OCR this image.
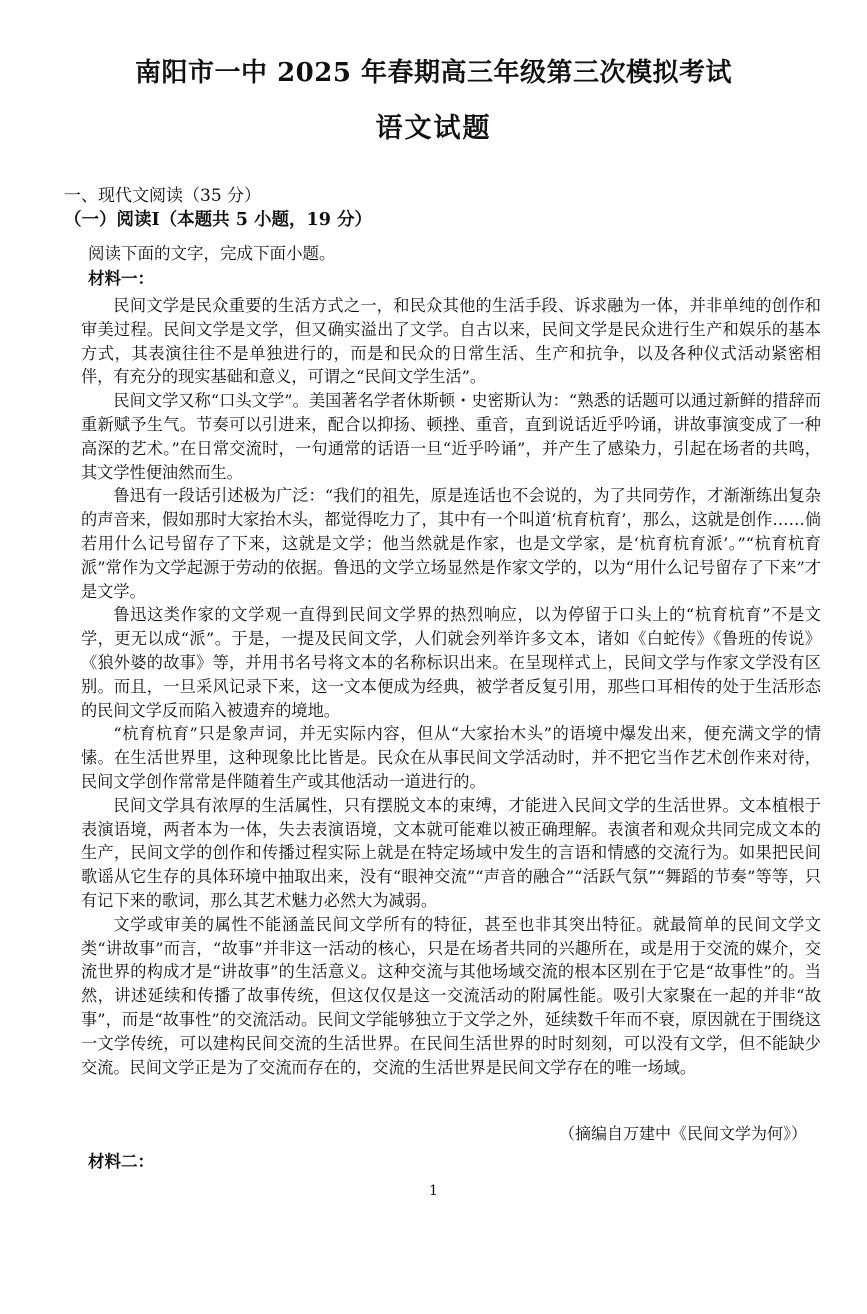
南阳市一中 2025 年春期高三年级第三次模拟考试
语文试题
一、现代文阅读（35 分）
（一）阅读Ⅰ（本题共 5 小题，19 分）
阅读下面的文字，完成下面小题。
材料一：

民间文学是民众重要的生活方式之一，和民众其他的生活手段、诉求融为一体，并非单纯的创作和审美过程。民间文学是文学，但又确实溢出了文学。自古以来，民间文学是民众进行生产和娱乐的基本方式，其表演往往不是单独进行的，而是和民众的日常生活、生产和抗争，以及各种仪式活动紧密相伴，有充分的现实基础和意义，可谓之“民间文学生活”。

民间文学又称“口头文学”。美国著名学者休斯顿・史密斯认为：“熟悉的话题可以通过新鲜的措辞而重新赋予生气。节奏可以引进来，配合以抑扬、顿挫、重音，直到说话近乎吟诵，讲故事演变成了一种高深的艺术。”在日常交流时，一句通常的话语一旦“近乎吟诵”，并产生了感染力，引起在场者的共鸣，其文学性便油然而生。

鲁迅有一段话引述极为广泛：“我们的祖先，原是连话也不会说的，为了共同劳作，才渐渐练出复杂的声音来，假如那时大家抬木头，都觉得吃力了，其中有一个叫道‘杭育杭育’，那么，这就是创作……倘若用什么记号留存了下来，这就是文学；他当然就是作家，也是文学家，是‘杭育杭育派’。”“杭育杭育派”常作为文学起源于劳动的依据。鲁迅的文学立场显然是作家文学的，以为“用什么记号留存了下来”才是文学。

鲁迅这类作家的文学观一直得到民间文学界的热烈响应，以为停留于口头上的“杭育杭育”不是文学，更无以成“派”。于是，一提及民间文学，人们就会列举许多文本，诸如《白蛇传》《鲁班的传说》《狼外婆的故事》等，并用书名号将文本的名称标识出来。在呈现样式上，民间文学与作家文学没有区别。而且，一旦采风记录下来，这一文本便成为经典，被学者反复引用，那些口耳相传的处于生活形态的民间文学反而陷入被遗弃的境地。

“杭育杭育”只是象声词，并无实际内容，但从“大家抬木头”的语境中爆发出来，便充满文学的情愫。在生活世界里，这种现象比比皆是。民众在从事民间文学活动时，并不把它当作艺术创作来对待，民间文学创作常常是伴随着生产或其他活动一道进行的。

民间文学具有浓厚的生活属性，只有摆脱文本的束缚，才能进入民间文学的生活世界。文本植根于表演语境，两者本为一体，失去表演语境，文本就可能难以被正确理解。表演者和观众共同完成文本的生产，民间文学的创作和传播过程实际上就是在特定场域中发生的言语和情感的交流行为。如果把民间歌谣从它生存的具体环境中抽取出来，没有“眼神交流”“声音的融合”“活跃气氛”“舞蹈的节奏”等等，只有记下来的歌词，那么其艺术魅力必然大为减弱。

文学或审美的属性不能涵盖民间文学所有的特征，甚至也非其突出特征。就最简单的民间文学文类“讲故事”而言，“故事”并非这一活动的核心，只是在场者共同的兴趣所在，或是用于交流的媒介，交流世界的构成才是“讲故事”的生活意义。这种交流与其他场域交流的根本区别在于它是“故事性”的。当然，讲述延续和传播了故事传统，但这仅仅是这一交流活动的附属性能。吸引大家聚在一起的并非“故事”，而是“故事性”的交流活动。民间文学能够独立于文学之外，延续数千年而不衰，原因就在于围绕这一文学传统，可以建构民间交流的生活世界。在民间生活世界的时时刻刻，可以没有文学，但不能缺少交流。民间文学正是为了交流而存在的，交流的生活世界是民间文学存在的唯一场域。

（摘编自万建中《民间文学为何》）
材料二：
1
